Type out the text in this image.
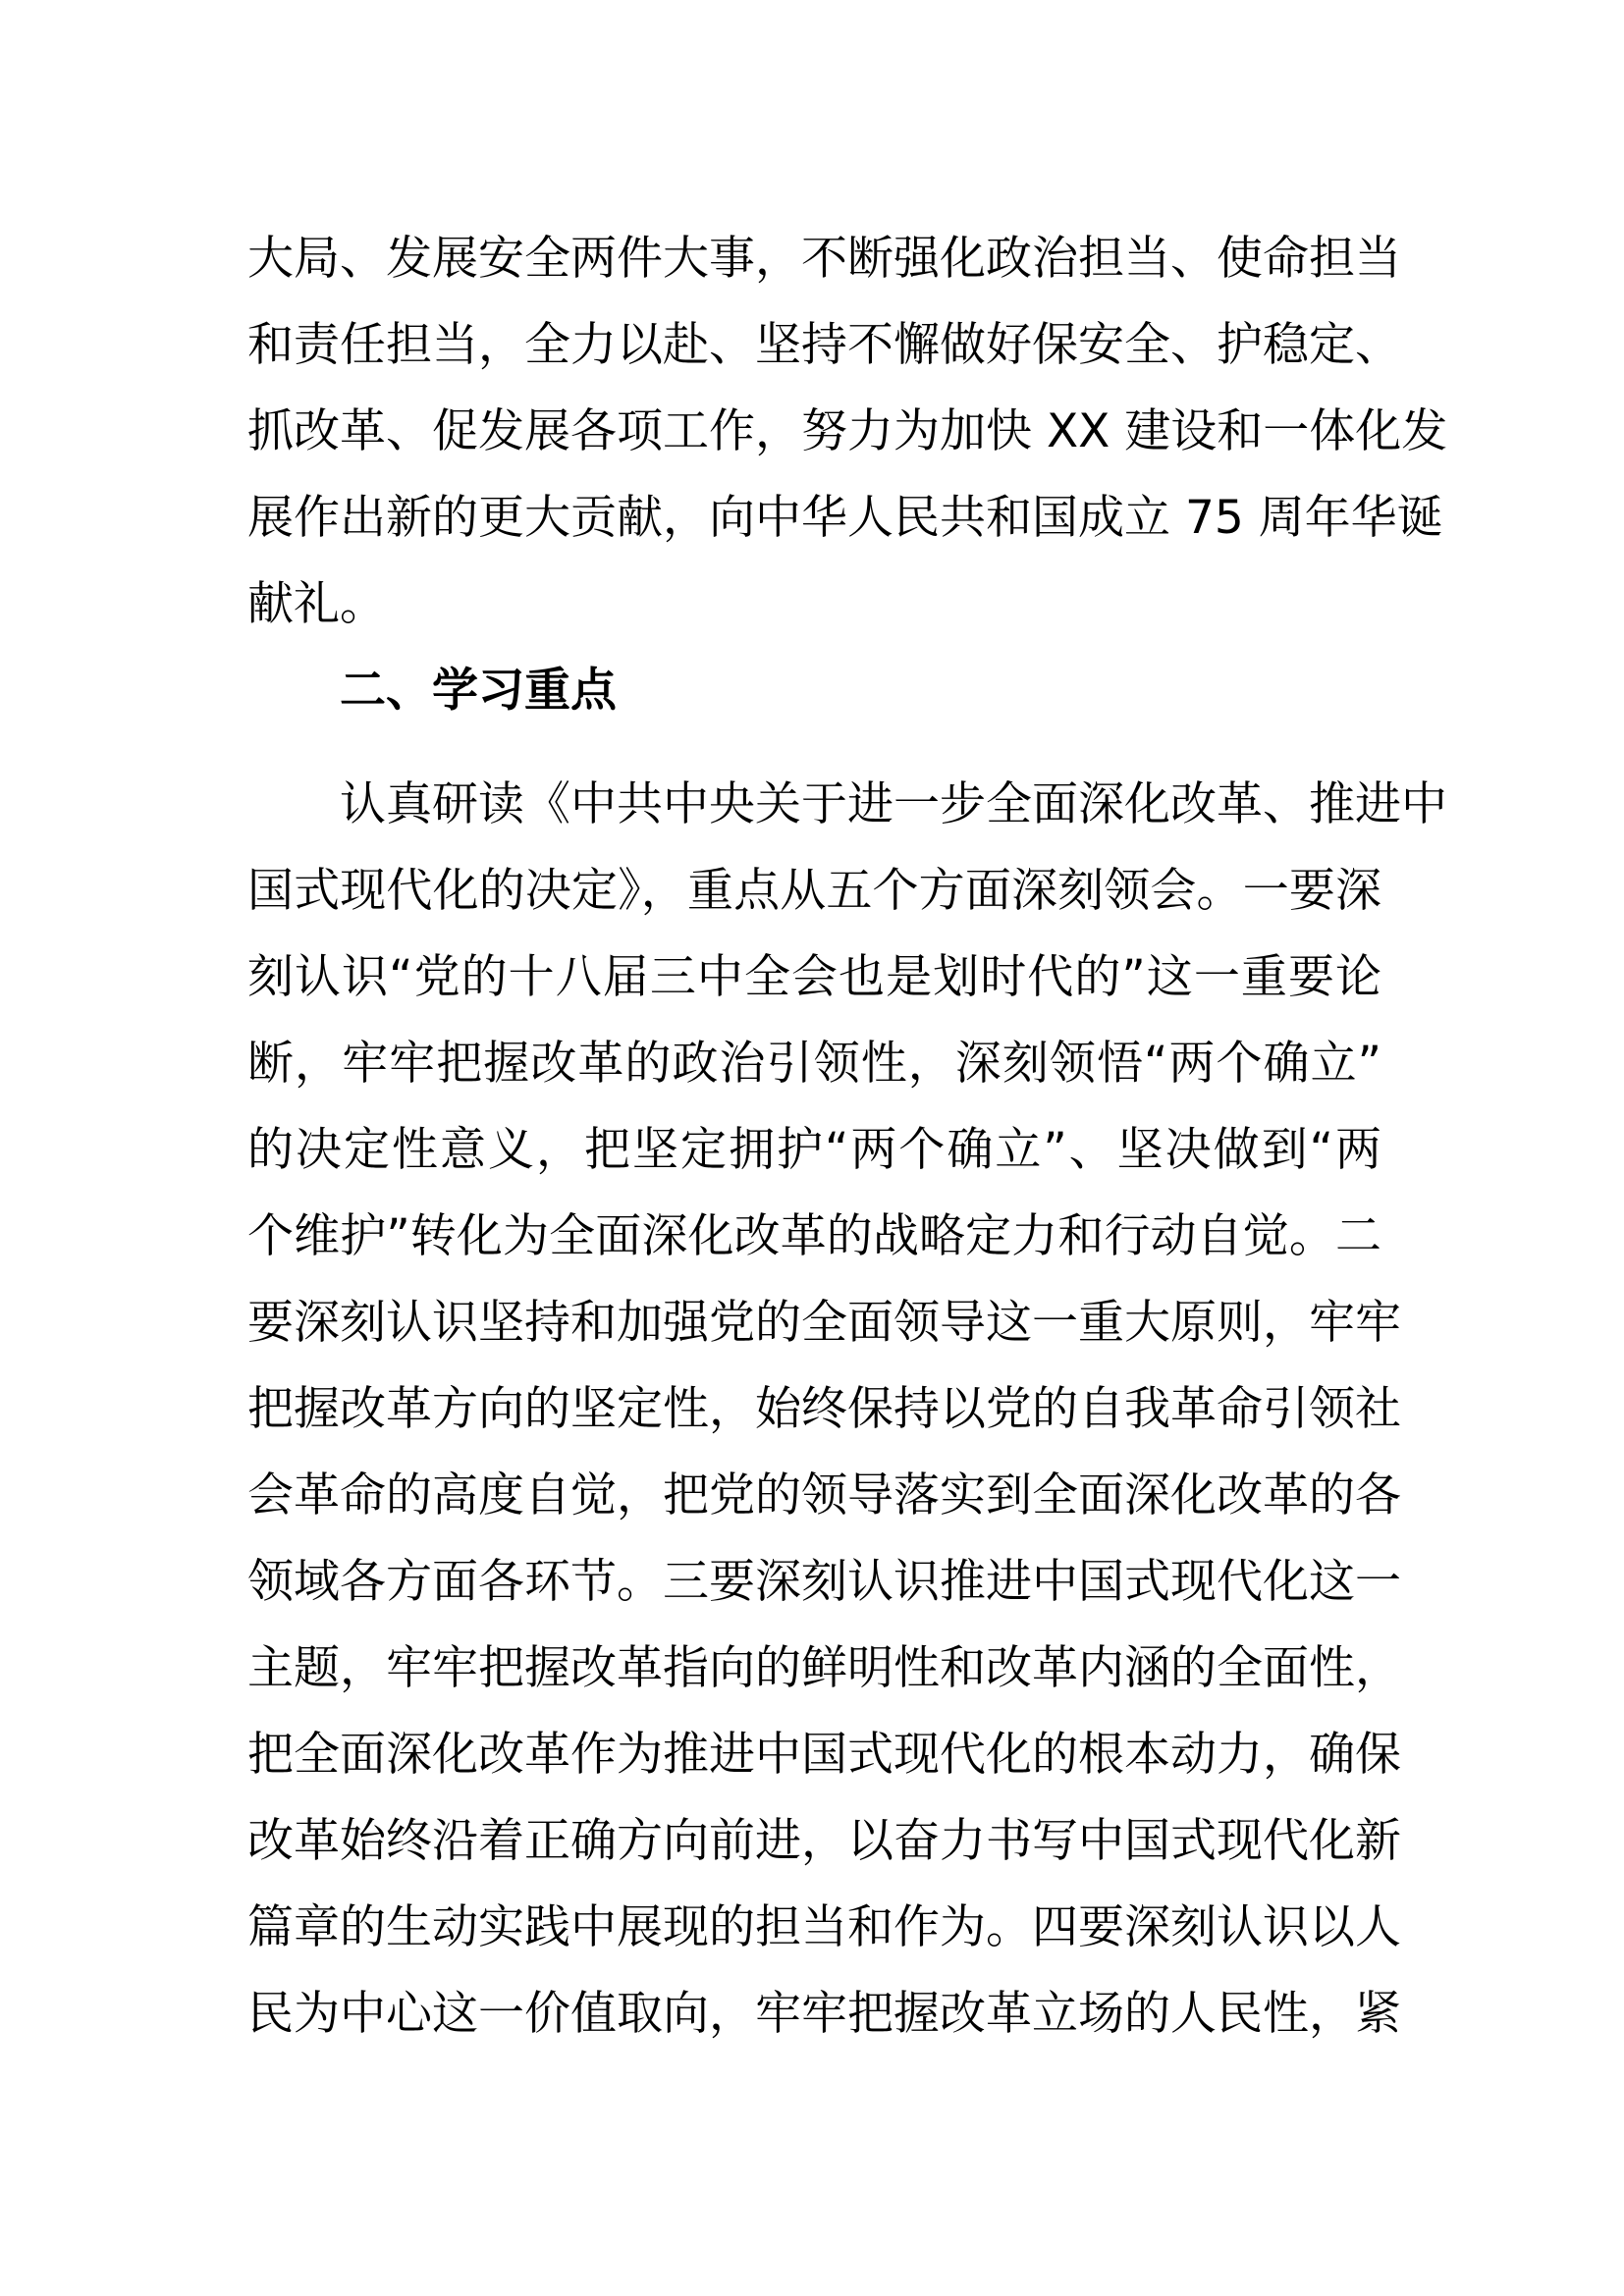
大局、发展安全两件大事，不断强化政治担当、使命担当
和责任担当，全力以赴、坚持不懈做好保安全、护稳定、
抓改革、促发展各项工作，努力为加快 XX 建设和一体化发
展作出新的更大贡献，向中华人民共和国成立 75 周年华诞
献礼。
二、学习重点
认真研读《中共中央关于进一步全面深化改革、推进中
国式现代化的决定》，重点从五个方面深刻领会。一要深
刻认识“党的十八届三中全会也是划时代的”这一重要论
断，牢牢把握改革的政治引领性，深刻领悟“两个确立”
的决定性意义，把坚定拥护“两个确立”、坚决做到“两
个维护”转化为全面深化改革的战略定力和行动自觉。二
要深刻认识坚持和加强党的全面领导这一重大原则，牢牢
把握改革方向的坚定性，始终保持以党的自我革命引领社
会革命的高度自觉，把党的领导落实到全面深化改革的各
领域各方面各环节。三要深刻认识推进中国式现代化这一
主题，牢牢把握改革指向的鲜明性和改革内涵的全面性，
把全面深化改革作为推进中国式现代化的根本动力，确保
改革始终沿着正确方向前进，以奋力书写中国式现代化新
篇章的生动实践中展现的担当和作为。四要深刻认识以人
民为中心这一价值取向，牢牢把握改革立场的人民性，紧
